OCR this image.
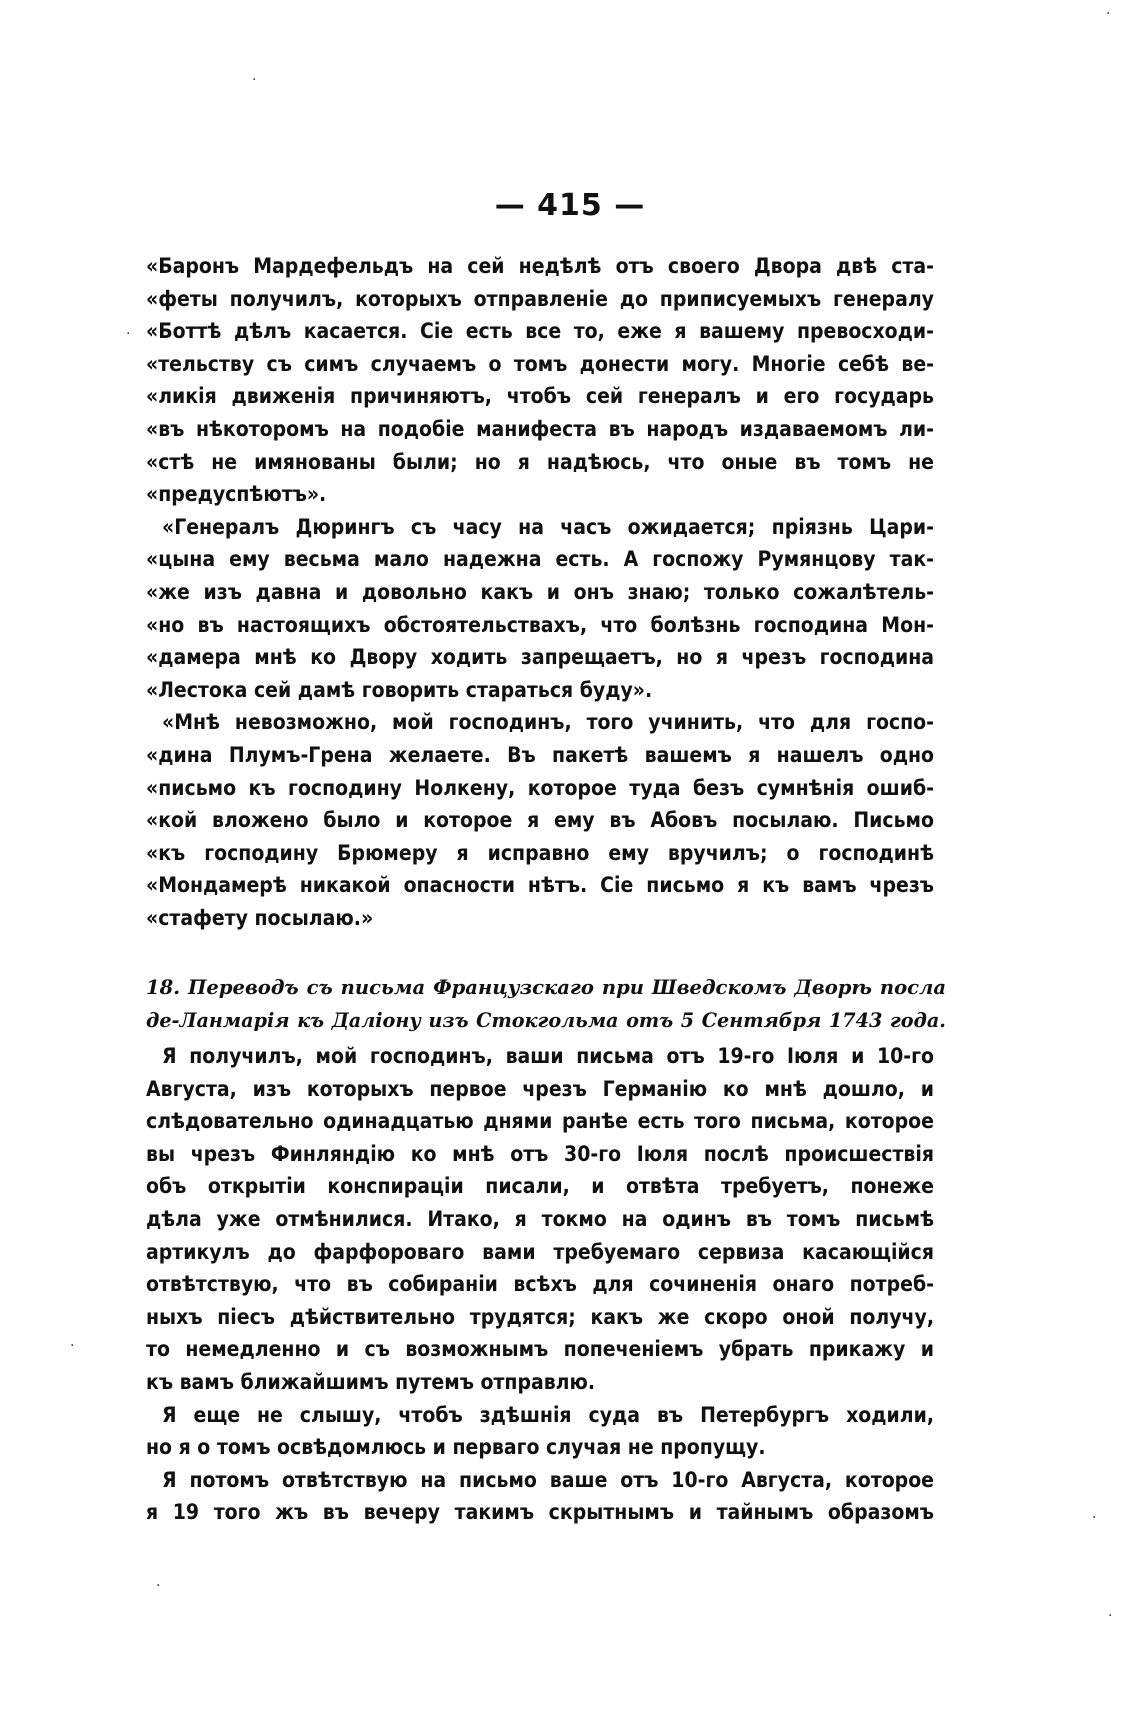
— 415 —
«Баронъ Мардефельдъ на сей недѣлѣ отъ своего Двора двѣ ста-
«феты получилъ, которыхъ отправленіе до приписуемыхъ генералу
«Боттѣ дѣлъ касается. Сіе есть все то, еже я вашему превосходи-
«тельству съ симъ случаемъ о томъ донести могу. Многіе себѣ ве-
«ликія движенія причиняютъ, чтобъ сей генералъ и его государь
«въ нѣкоторомъ на подобіе манифеста въ народъ издаваемомъ ли-
«стѣ не имянованы были; но я надѣюсь, что оные въ томъ не
«предуспѣютъ».
«Генералъ Дюрингъ съ часу на часъ ожидается; пріязнь Цари-
«цына ему весьма мало надежна есть. А госпожу Румянцову так-
«же изъ давна и довольно какъ и онъ знаю; только сожалѣтель-
«но въ настоящихъ обстоятельствахъ, что болѣзнь господина Мон-
«дамера мнѣ ко Двору ходить запрещаетъ, но я чрезъ господина
«Лестока сей дамѣ говорить стараться буду».
«Мнѣ невозможно, мой господинъ, того учинить, что для госпо-
«дина Плумъ-Грена желаете. Въ пакетѣ вашемъ я нашелъ одно
«письмо къ господину Нолкену, которое туда безъ сумнѣнія ошиб-
«кой вложено было и которое я ему въ Абовъ посылаю. Письмо
«къ господину Брюмеру я исправно ему вручилъ; о господинѣ
«Мондамерѣ никакой опасности нѣтъ. Сіе письмо я къ вамъ чрезъ
«стафету посылаю.»
18. Переводъ съ письма Французскаго при Шведскомъ Дворѣ посла
де-Ланмарія къ Даліону изъ Стокгольма отъ 5 Сентября 1743 года.
Я получилъ, мой господинъ, ваши письма отъ 19-го Іюля и 10-го
Августа, изъ которыхъ первое чрезъ Германію ко мнѣ дошло, и
слѣдовательно одинадцатью днями ранѣе есть того письма, которое
вы чрезъ Финляндію ко мнѣ отъ 30-го Іюля послѣ происшествія
объ открытіи конспираціи писали, и отвѣта требуетъ, понеже
дѣла уже отмѣнилися. Итако, я токмо на одинъ въ томъ письмѣ
артикулъ до фарфороваго вами требуемаго сервиза касающійся
отвѣтствую, что въ собираніи всѣхъ для сочиненія онаго потреб-
ныхъ піесъ дѣйствительно трудятся; какъ же скоро оной получу,
то немедленно и съ возможнымъ попеченіемъ убрать прикажу и
къ вамъ ближайшимъ путемъ отправлю.
Я еще не слышу, чтобъ здѣшнія суда въ Петербургъ ходили,
но я о томъ освѣдомлюсь и перваго случая не пропущу.
Я потомъ отвѣтствую на письмо ваше отъ 10-го Августа, которое
я 19 того жъ въ вечеру такимъ скрытнымъ и тайнымъ образомъ
·
·
·
·
·
·
·
